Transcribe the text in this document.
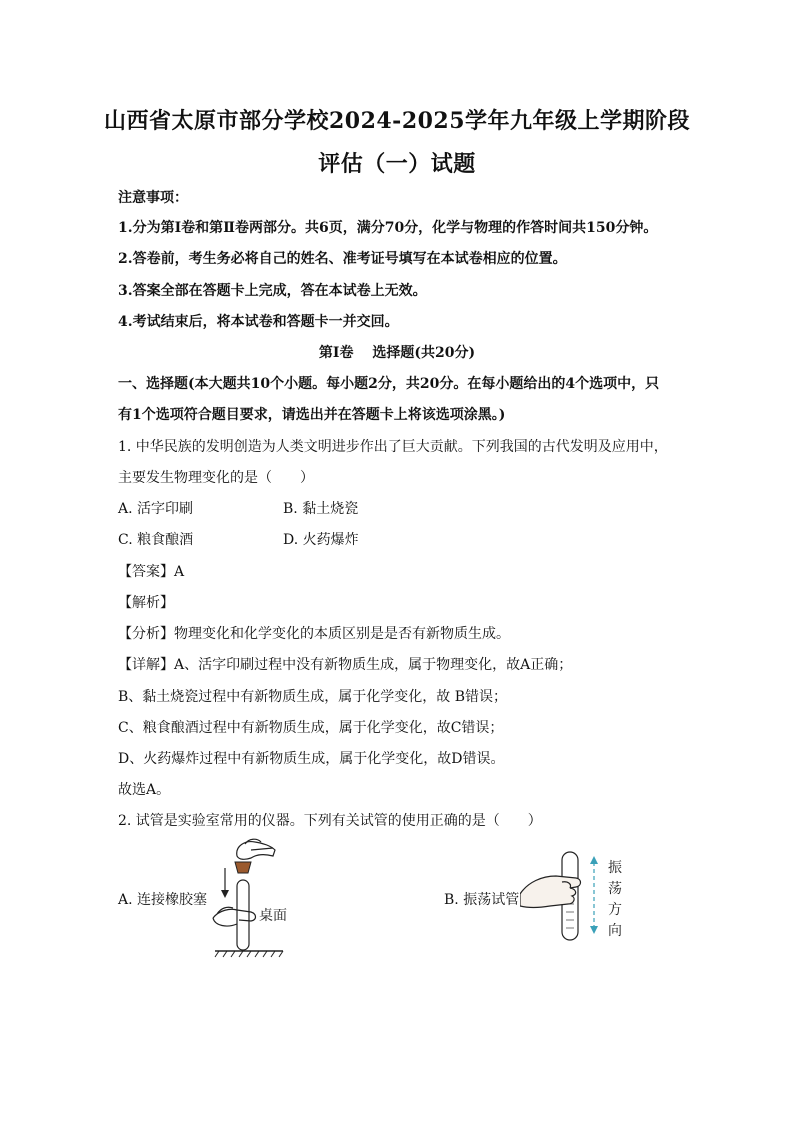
山西省太原市部分学校2024-2025学年九年级上学期阶段
评估（一）试题
注意事项：
1.分为第Ⅰ卷和第Ⅱ卷两部分。共6页，满分70分，化学与物理的作答时间共150分钟。
2.答卷前，考生务必将自己的姓名、准考证号填写在本试卷相应的位置。
3.答案全部在答题卡上完成，答在本试卷上无效。
4.考试结束后，将本试卷和答题卡一并交回。
第Ⅰ卷　 选择题(共20分)
一、选择题(本大题共10个小题。每小题2分，共20分。在每小题给出的4个选项中，只
有1个选项符合题目要求，请选出并在答题卡上将该选项涂黑。)
1. 中华民族的发明创造为人类文明进步作出了巨大贡献。下列我国的古代发明及应用中，
主要发生物理变化的是（　　）
A. 活字印刷	B. 黏土烧瓷
C. 粮食酿酒	D. 火药爆炸
【答案】A
【解析】
【分析】物理变化和化学变化的本质区别是是否有新物质生成。
【详解】A、活字印刷过程中没有新物质生成，属于物理变化，故A正确；
B、黏土烧瓷过程中有新物质生成，属于化学变化，故 B错误；
C、粮食酿酒过程中有新物质生成，属于化学变化，故C错误；
D、火药爆炸过程中有新物质生成，属于化学变化，故D错误。
故选A。
2. 试管是实验室常用的仪器。下列有关试管的使用正确的是（　　）
A. 连接橡胶塞
桌面
B. 振荡试管
振
荡
方
向
